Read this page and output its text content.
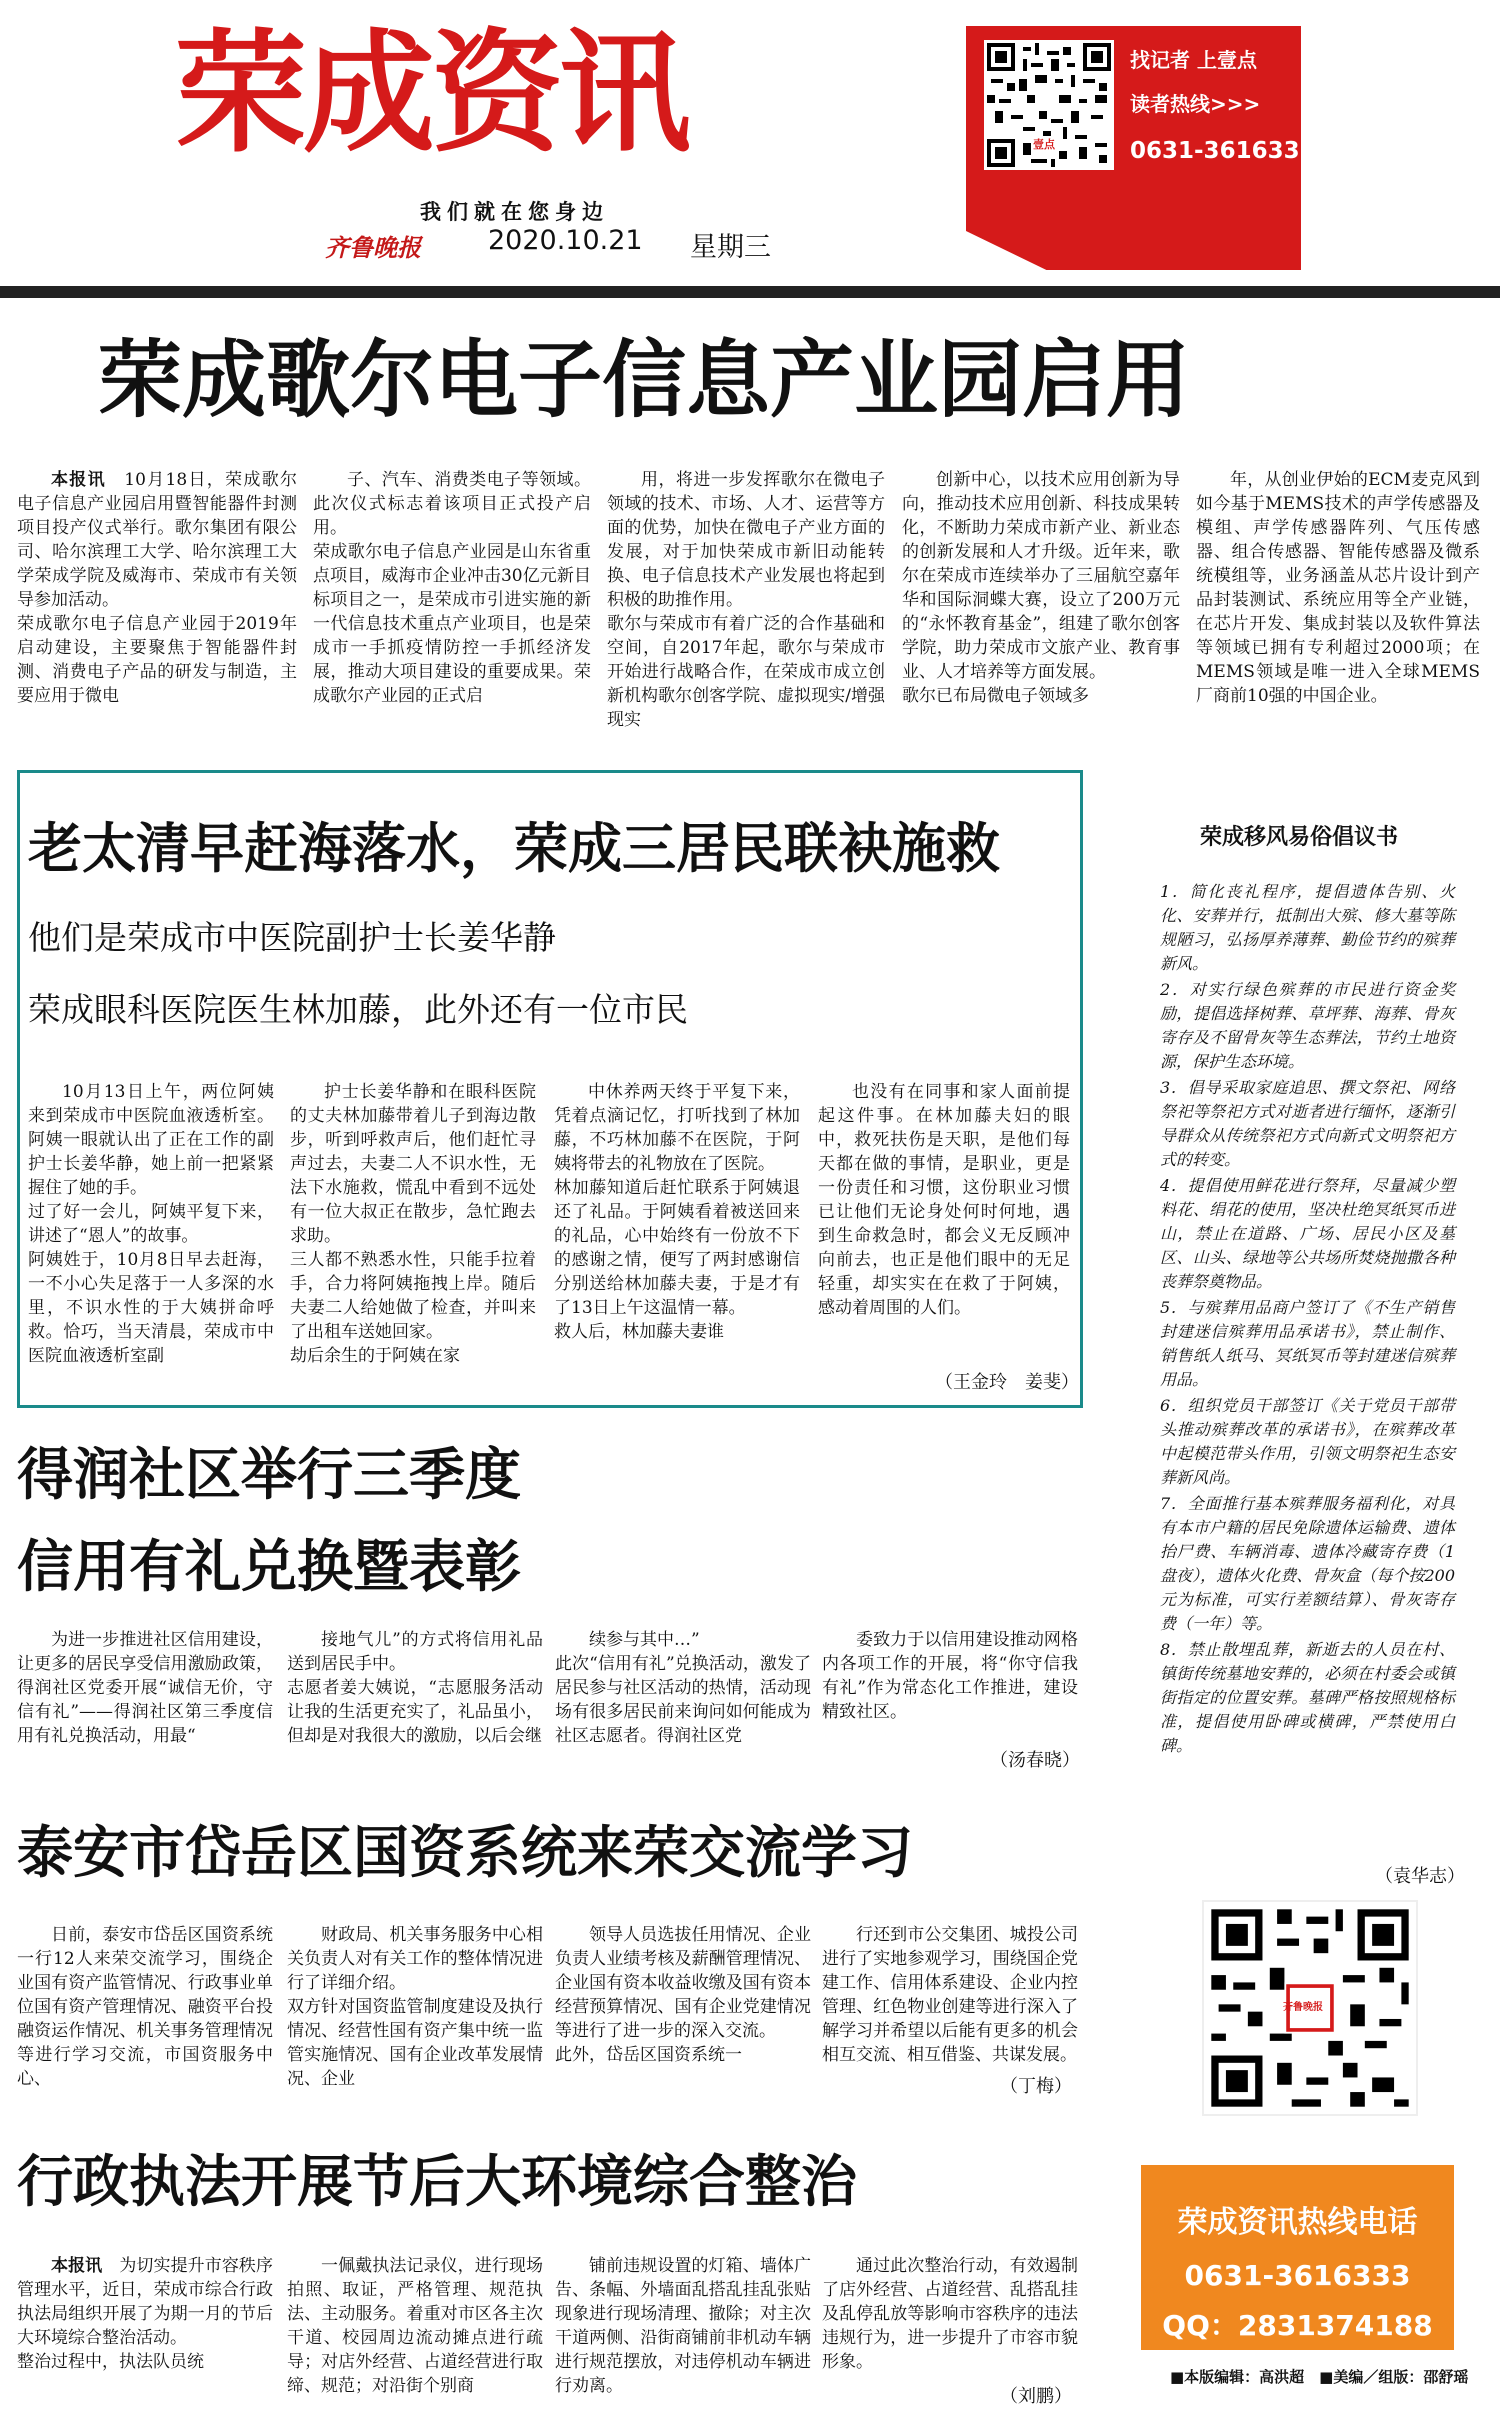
荣成资讯
我们就在您身边
齐鲁晚报 2020.10.21 星期三
壹点
找记者 上壹点
读者热线>>>
0631-3616333
荣成歌尔电子信息产业园启用

本报讯　 10月18日，荣成歌尔电子信息产业园启用暨智能器件封测项目投产仪式举行。歌尔集团有限公司、哈尔滨理工大学、哈尔滨理工大学荣成学院及威海市、荣成市有关领导参加活动。
荣成歌尔电子信息产业园于2019年启动建设，主要聚焦于智能器件封测、消费电子产品的研发与制造，主要应用于微电

子、汽车、消费类电子等领域。此次仪式标志着该项目正式投产启用。
荣成歌尔电子信息产业园是山东省重点项目，威海市企业冲击30亿元新目标项目之一，是荣成市引进实施的新一代信息技术重点产业项目，也是荣成市一手抓疫情防控一手抓经济发展，推动大项目建设的重要成果。荣成歌尔产业园的正式启
用，将进一步发挥歌尔在微电子领域的技术、市场、人才、运营等方面的优势，加快在微电子产业方面的发展，对于加快荣成市新旧动能转换、电子信息技术产业发展也将起到积极的助推作用。
歌尔与荣成市有着广泛的合作基础和空间，自2017年起，歌尔与荣成市开始进行战略合作，在荣成市成立创新机构歌尔创客学院、虚拟现实/增强现实
创新中心，以技术应用创新为导向，推动技术应用创新、科技成果转化，不断助力荣成市新产业、新业态的创新发展和人才升级。近年来，歌尔在荣成市连续举办了三届航空嘉年华和国际洞蝶大赛，设立了200万元的“永怀教育基金”，组建了歌尔创客学院，助力荣成市文旅产业、教育事业、人才培养等方面发展。
歌尔已布局微电子领域多
年，从创业伊始的ECM麦克风到如今基于MEMS技术的声学传感器及模组、声学传感器阵列、气压传感器、组合传感器、智能传感器及微系统模组等，业务涵盖从芯片设计到产品封装测试、系统应用等全产业链，在芯片开发、集成封装以及软件算法等领域已拥有专利超过2000项；在MEMS领域是唯一进入全球MEMS厂商前10强的中国企业。
老太清早赶海落水，荣成三居民联袂施救
他们是荣成市中医院副护士长姜华静
荣成眼科医院医生林加藤，此外还有一位市民
10月13日上午，两位阿姨来到荣成市中医院血液透析室。阿姨一眼就认出了正在工作的副护士长姜华静，她上前一把紧紧握住了她的手。
过了好一会儿，阿姨平复下来，讲述了“恩人”的故事。
阿姨姓于，10月8日早去赶海，一不小心失足落于一人多深的水里，不识水性的于大姨拼命呼救。恰巧，当天清晨，荣成市中医院血液透析室副
护士长姜华静和在眼科医院的丈夫林加藤带着儿子到海边散步，听到呼救声后，他们赶忙寻声过去，夫妻二人不识水性，无法下水施救，慌乱中看到不远处有一位大叔正在散步，急忙跑去求助。
三人都不熟悉水性，只能手拉着手，合力将阿姨拖拽上岸。随后夫妻二人给她做了检查，并叫来了出租车送她回家。
劫后余生的于阿姨在家
中休养两天终于平复下来，凭着点滴记忆，打听找到了林加藤，不巧林加藤不在医院，于阿姨将带去的礼物放在了医院。
林加藤知道后赶忙联系于阿姨退还了礼品。于阿姨看着被送回来的礼品，心中始终有一份放不下的感谢之情，便写了两封感谢信分别送给林加藤夫妻，于是才有了13日上午这温情一幕。
救人后，林加藤夫妻谁
也没有在同事和家人面前提起这件事。在林加藤夫妇的眼中，救死扶伤是天职，是他们每天都在做的事情，是职业，更是一份责任和习惯，这份职业习惯已让他们无论身处何时何地，遇到生命救急时，都会义无反顾冲向前去，也正是他们眼中的无足轻重，却实实在在救了于阿姨，感动着周围的人们。
（王金玲　姜斐）
荣成移风易俗倡议书
1．简化丧礼程序，提倡遗体告别、火化、安葬并行，抵制出大殡、修大墓等陈规陋习，弘扬厚养薄葬、勤俭节约的殡葬新风。
2．对实行绿色殡葬的市民进行资金奖励，提倡选择树葬、草坪葬、海葬、骨灰寄存及不留骨灰等生态葬法，节约土地资源，保护生态环境。
3．倡导采取家庭追思、撰文祭祀、网络祭祀等祭祀方式对逝者进行缅怀，逐渐引导群众从传统祭祀方式向新式文明祭祀方式的转变。
4．提倡使用鲜花进行祭拜，尽量减少塑料花、绢花的使用，坚决杜绝冥纸冥币进山，禁止在道路、广场、居民小区及墓区、山头、绿地等公共场所焚烧抛撒各种丧葬祭奠物品。
5．与殡葬用品商户签订了《不生产销售封建迷信殡葬用品承诺书》，禁止制作、销售纸人纸马、冥纸冥币等封建迷信殡葬用品。
6．组织党员干部签订《关于党员干部带头推动殡葬改革的承诺书》，在殡葬改革中起模范带头作用，引领文明祭祀生态安葬新风尚。
7．全面推行基本殡葬服务福利化，对具有本市户籍的居民免除遗体运输费、遗体抬尸费、车辆消毒、遗体冷藏寄存费（1盘夜），遗体火化费、骨灰盒（每个按200元为标准，可实行差额结算）、骨灰寄存费（一年）等。
8．禁止散埋乱葬，新逝去的人员在村、镇街传统墓地安葬的，必须在村委会或镇街指定的位置安葬。墓碑严格按照规格标准，提倡使用卧碑或横碑，严禁使用白碑。
（袁华志）
齐鲁晚报
得润社区举行三季度
信用有礼兑换暨表彰
为进一步推进社区信用建设，让更多的居民享受信用激励政策，得润社区党委开展“诚信无价，守信有礼”——得润社区第三季度信用有礼兑换活动，用最“
接地气儿”的方式将信用礼品送到居民手中。
志愿者姜大姨说，“志愿服务活动让我的生活更充实了，礼品虽小，但却是对我很大的激励，以后会继
续参与其中…”
此次“信用有礼”兑换活动，激发了居民参与社区活动的热情，活动现场有很多居民前来询问如何能成为社区志愿者。得润社区党
委致力于以信用建设推动网格内各项工作的开展，将“你守信我有礼”作为常态化工作推进，建设精致社区。
（汤春晓）
泰安市岱岳区国资系统来荣交流学习
日前，泰安市岱岳区国资系统一行12人来荣交流学习，围绕企业国有资产监管情况、行政事业单位国有资产管理情况、融资平台投融资运作情况、机关事务管理情况等进行学习交流，市国资服务中心、
财政局、机关事务服务中心相关负责人对有关工作的整体情况进行了详细介绍。
双方针对国资监管制度建设及执行情况、经营性国有资产集中统一监管实施情况、国有企业改革发展情况、企业
领导人员选拔任用情况、企业负责人业绩考核及薪酬管理情况、企业国有资本收益收缴及国有资本经营预算情况、国有企业党建情况等进行了进一步的深入交流。
此外，岱岳区国资系统一
行还到市公交集团、城投公司进行了实地参观学习，围绕国企党建工作、信用体系建设、企业内控管理、红色物业创建等进行深入了解学习并希望以后能有更多的机会相互交流、相互借鉴、共谋发展。
（丁梅）
行政执法开展节后大环境综合整治

本报讯　 为切实提升市容秩序管理水平，近日，荣成市综合行政执法局组织开展了为期一月的节后大环境综合整治活动。
整治过程中，执法队员统

一佩戴执法记录仪，进行现场拍照、取证，严格管理、规范执法、主动服务。着重对市区各主次干道、校园周边流动摊点进行疏导；对店外经营、占道经营进行取缔、规范；对沿街个别商
铺前违规设置的灯箱、墙体广告、条幅、外墙面乱搭乱挂乱张贴现象进行现场清理、撤除；对主次干道两侧、沿街商铺前非机动车辆进行规范摆放，对违停机动车辆进行劝离。
通过此次整治行动，有效遏制了店外经营、占道经营、乱搭乱挂及乱停乱放等影响市容秩序的违法违规行为，进一步提升了市容市貌形象。
（刘鹏）
荣成资讯热线电话
0631-3616333
QQ：2831374188
■本版编辑：高洪超　■美编／组版：邵舒瑶
